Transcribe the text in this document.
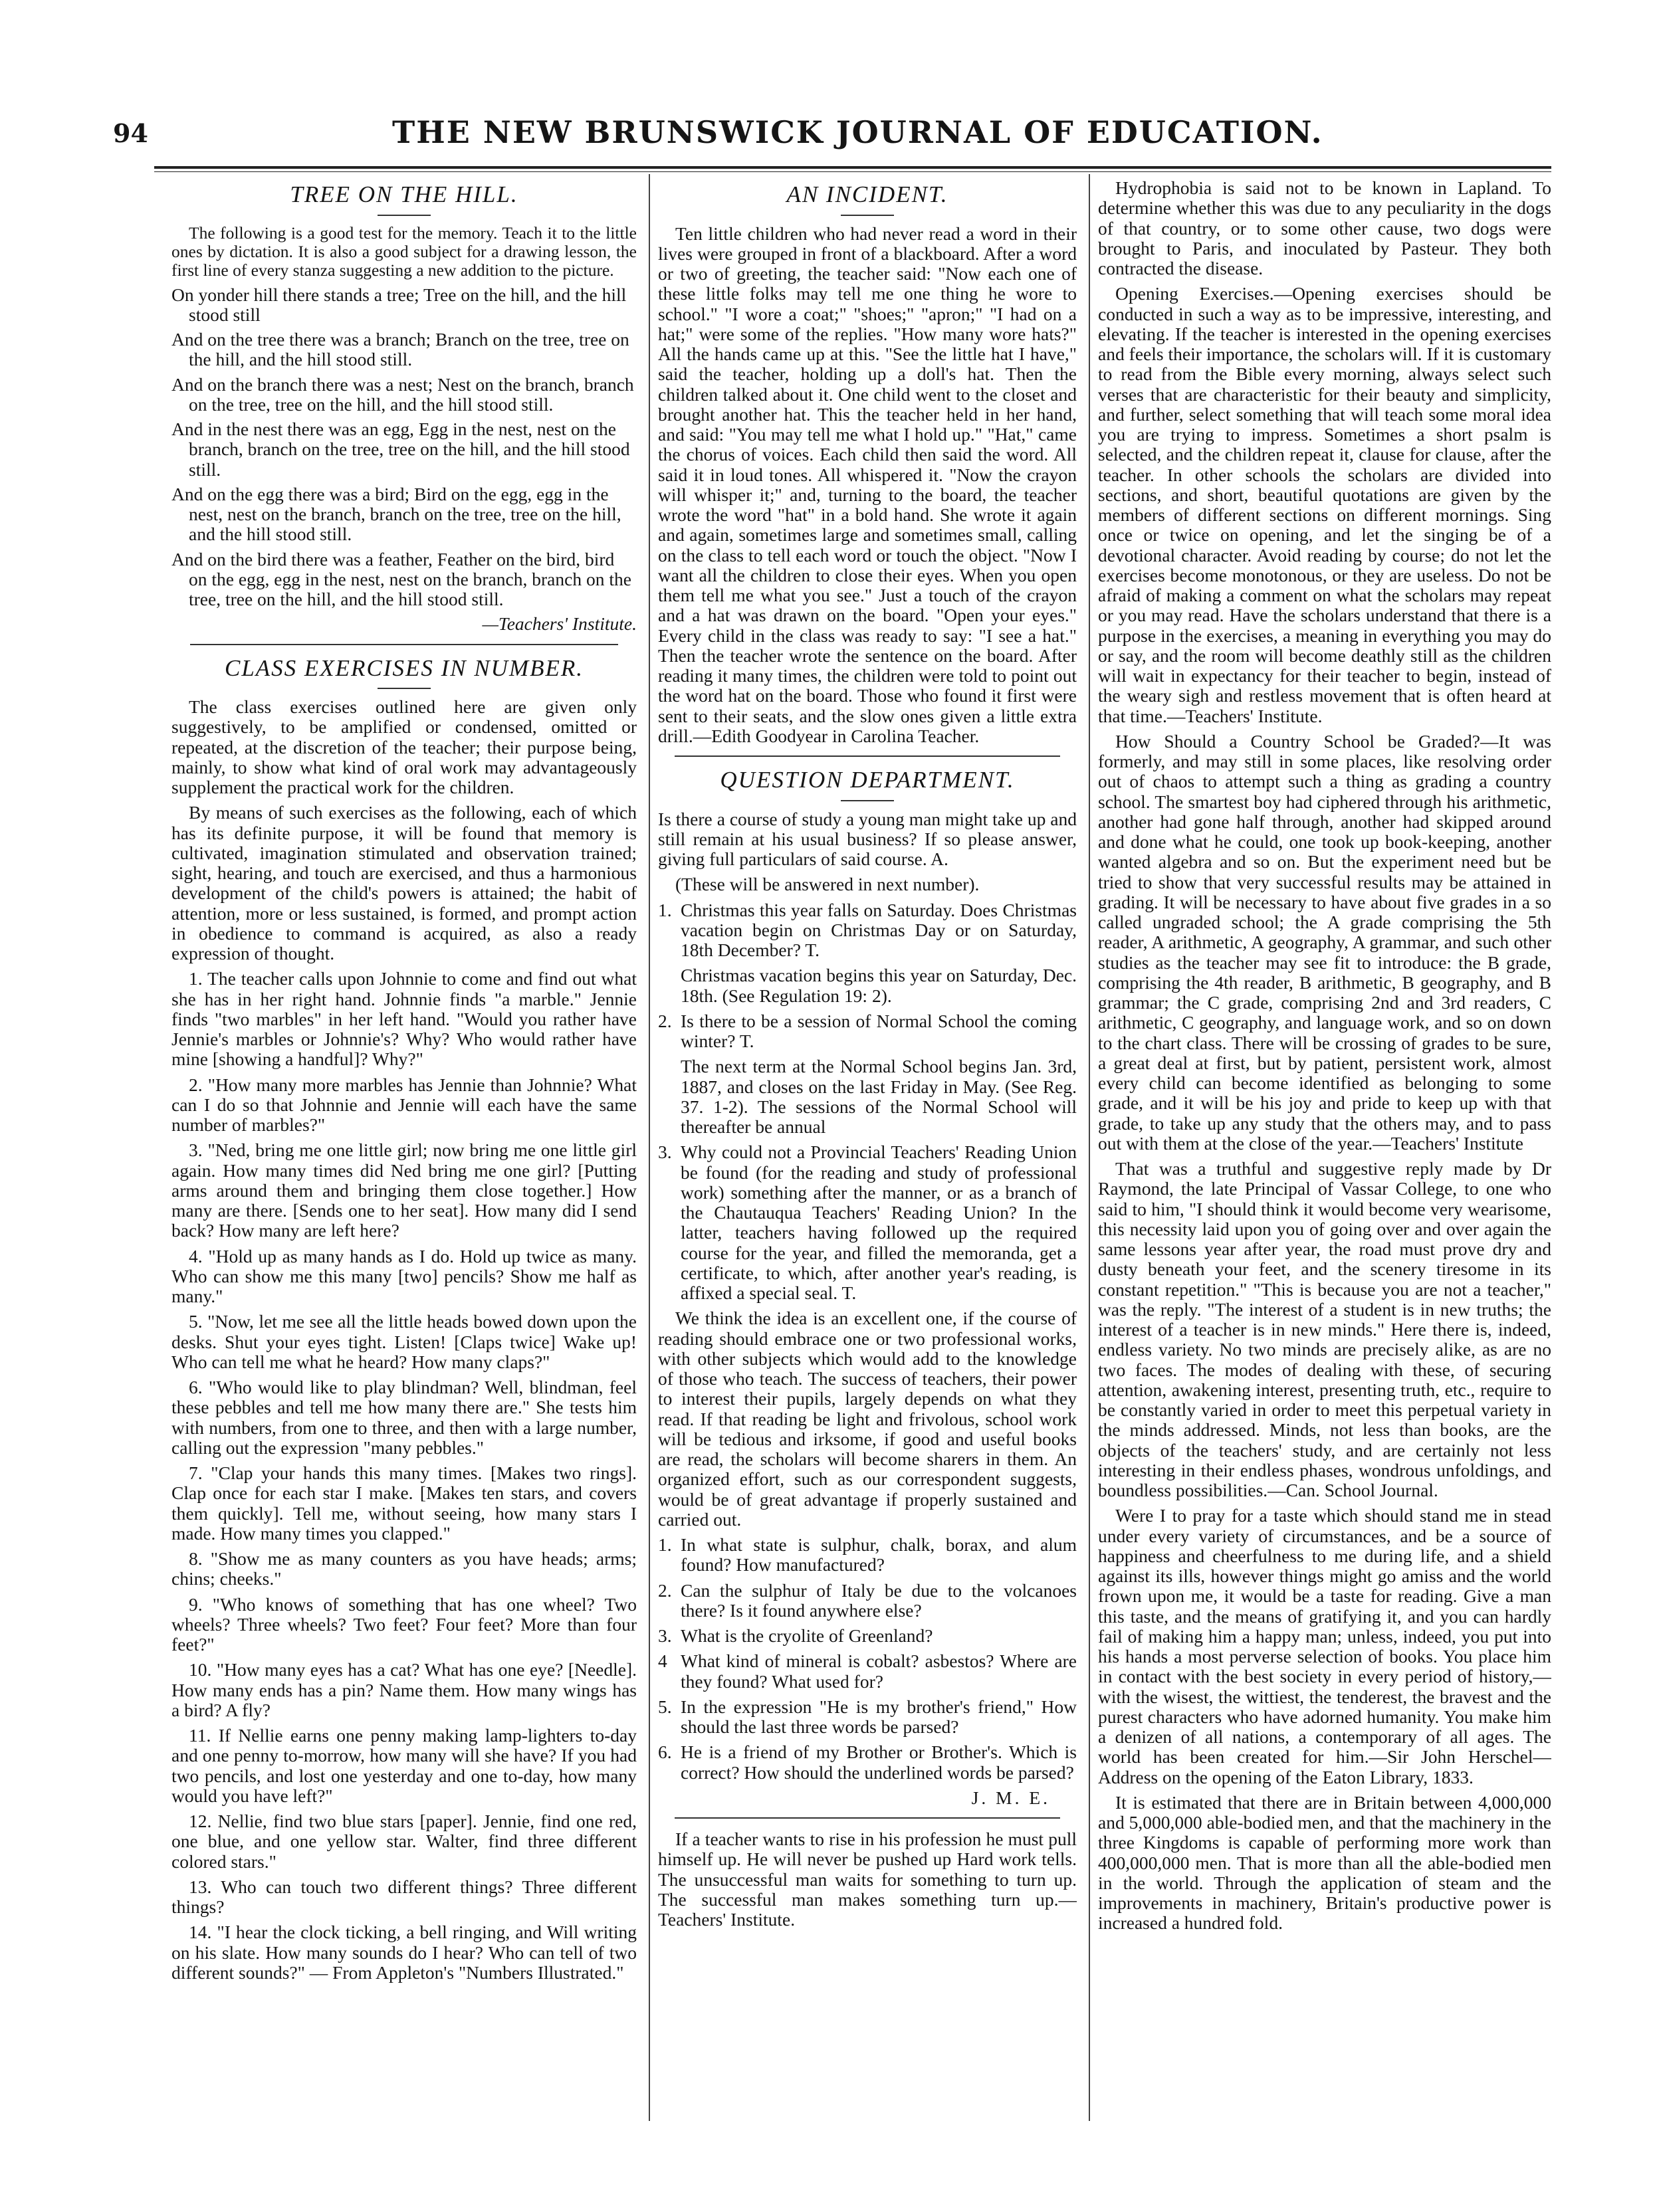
94	THE NEW BRUNSWICK JOURNAL OF EDUCATION.
TREE ON THE HILL.

The following is a good test for the memory. Teach it to the little ones by dictation. It is also a good subject for a drawing lesson, the first line of every stanza suggesting a new addition to the picture.

On yonder hill there stands a tree; Tree on the hill, and the hill stood still
And on the tree there was a branch; Branch on the tree, tree on the hill, and the hill stood still.
And on the branch there was a nest; Nest on the branch, branch on the tree, tree on the hill, and the hill stood still.
And in the nest there was an egg, Egg in the nest, nest on the branch, branch on the tree, tree on the hill, and the hill stood still.
And on the egg there was a bird; Bird on the egg, egg in the nest, nest on the branch, branch on the tree, tree on the hill, and the hill stood still.
And on the bird there was a feather, Feather on the bird, bird on the egg, egg in the nest, nest on the branch, branch on the tree, tree on the hill, and the hill stood still.
—Teachers' Institute.
CLASS EXERCISES IN NUMBER.

The class exercises outlined here are given only suggestively, to be amplified or condensed, omitted or repeated, at the discretion of the teacher; their purpose being, mainly, to show what kind of oral work may advantageously supplement the practical work for the children.

By means of such exercises as the following, each of which has its definite purpose, it will be found that memory is cultivated, imagination stimulated and observation trained; sight, hearing, and touch are exercised, and thus a harmonious development of the child's powers is attained; the habit of attention, more or less sustained, is formed, and prompt action in obedience to command is acquired, as also a ready expression of thought.

1. The teacher calls upon Johnnie to come and find out what she has in her right hand. Johnnie finds "a marble." Jennie finds "two marbles" in her left hand. "Would you rather have Jennie's marbles or Johnnie's? Why? Who would rather have mine [showing a handful]? Why?"

2. "How many more marbles has Jennie than Johnnie? What can I do so that Johnnie and Jennie will each have the same number of marbles?"

3. "Ned, bring me one little girl; now bring me one little girl again. How many times did Ned bring me one girl? [Putting arms around them and bringing them close together.] How many are there. [Sends one to her seat]. How many did I send back? How many are left here?

4. "Hold up as many hands as I do. Hold up twice as many. Who can show me this many [two] pencils? Show me half as many."

5. "Now, let me see all the little heads bowed down upon the desks. Shut your eyes tight. Listen! [Claps twice] Wake up! Who can tell me what he heard? How many claps?"

6. "Who would like to play blindman? Well, blindman, feel these pebbles and tell me how many there are." She tests him with numbers, from one to three, and then with a large number, calling out the expression "many pebbles."

7. "Clap your hands this many times. [Makes two rings]. Clap once for each star I make. [Makes ten stars, and covers them quickly]. Tell me, without seeing, how many stars I made. How many times you clapped."

8. "Show me as many counters as you have heads; arms; chins; cheeks."

9. "Who knows of something that has one wheel? Two wheels? Three wheels? Two feet? Four feet? More than four feet?"

10. "How many eyes has a cat? What has one eye? [Needle]. How many ends has a pin? Name them. How many wings has a bird? A fly?

11. If Nellie earns one penny making lamp-lighters to-day and one penny to-morrow, how many will she have? If you had two pencils, and lost one yesterday and one to-day, how many would you have left?"

12. Nellie, find two blue stars [paper]. Jennie, find one red, one blue, and one yellow star. Walter, find three different colored stars."

13. Who can touch two different things? Three different things?

14. "I hear the clock ticking, a bell ringing, and Will writing on his slate. How many sounds do I hear? Who can tell of two different sounds?" — From Appleton's "Numbers Illustrated."

AN INCIDENT.

Ten little children who had never read a word in their lives were grouped in front of a blackboard. After a word or two of greeting, the teacher said: "Now each one of these little folks may tell me one thing he wore to school." "I wore a coat;" "shoes;" "apron;" "I had on a hat;" were some of the replies. "How many wore hats?" All the hands came up at this. "See the little hat I have," said the teacher, holding up a doll's hat. Then the children talked about it. One child went to the closet and brought another hat. This the teacher held in her hand, and said: "You may tell me what I hold up." "Hat," came the chorus of voices. Each child then said the word. All said it in loud tones. All whispered it. "Now the crayon will whisper it;" and, turning to the board, the teacher wrote the word "hat" in a bold hand. She wrote it again and again, sometimes large and sometimes small, calling on the class to tell each word or touch the object. "Now I want all the children to close their eyes. When you open them tell me what you see." Just a touch of the crayon and a hat was drawn on the board. "Open your eyes." Every child in the class was ready to say: "I see a hat." Then the teacher wrote the sentence on the board. After reading it many times, the children were told to point out the word hat on the board. Those who found it first were sent to their seats, and the slow ones given a little extra drill.—Edith Goodyear in Carolina Teacher.

QUESTION DEPARTMENT.

Is there a course of study a young man might take up and still remain at his usual business? If so please answer, giving full particulars of said course. A.

(These will be answered in next number).

1. Christmas this year falls on Saturday. Does Christmas vacation begin on Christmas Day or on Saturday, 18th December? T.

Christmas vacation begins this year on Saturday, Dec. 18th. (See Regulation 19: 2).

2. Is there to be a session of Normal School the coming winter? T.

The next term at the Normal School begins Jan. 3rd, 1887, and closes on the last Friday in May. (See Reg. 37. 1-2). The sessions of the Normal School will thereafter be annual

3. Why could not a Provincial Teachers' Reading Union be found (for the reading and study of professional work) something after the manner, or as a branch of the Chautauqua Teachers' Reading Union? In the latter, teachers having followed up the required course for the year, and filled the memoranda, get a certificate, to which, after another year's reading, is affixed a special seal. T.

We think the idea is an excellent one, if the course of reading should embrace one or two professional works, with other subjects which would add to the knowledge of those who teach. The success of teachers, their power to interest their pupils, largely depends on what they read. If that reading be light and frivolous, school work will be tedious and irksome, if good and useful books are read, the scholars will become sharers in them. An organized effort, such as our correspondent suggests, would be of great advantage if properly sustained and carried out.

1. In what state is sulphur, chalk, borax, and alum found? How manufactured?

2. Can the sulphur of Italy be due to the volcanoes there? Is it found anywhere else?

3. What is the cryolite of Greenland?

4 What kind of mineral is cobalt? asbestos? Where are they found? What used for?

5. In the expression "He is my brother's friend," How should the last three words be parsed?

6. He is a friend of my Brother or Brother's. Which is correct? How should the underlined words be parsed?

J. M. E.

If a teacher wants to rise in his profession he must pull himself up. He will never be pushed up Hard work tells. The unsuccessful man waits for something to turn up. The successful man makes something turn up.—Teachers' Institute.

Hydrophobia is said not to be known in Lapland. To determine whether this was due to any peculiarity in the dogs of that country, or to some other cause, two dogs were brought to Paris, and inoculated by Pasteur. They both contracted the disease.

Opening Exercises.—Opening exercises should be conducted in such a way as to be impressive, interesting, and elevating. If the teacher is interested in the opening exercises and feels their importance, the scholars will. If it is customary to read from the Bible every morning, always select such verses that are characteristic for their beauty and simplicity, and further, select something that will teach some moral idea you are trying to impress. Sometimes a short psalm is selected, and the children repeat it, clause for clause, after the teacher. In other schools the scholars are divided into sections, and short, beautiful quotations are given by the members of different sections on different mornings. Sing once or twice on opening, and let the singing be of a devotional character. Avoid reading by course; do not let the exercises become monotonous, or they are useless. Do not be afraid of making a comment on what the scholars may repeat or you may read. Have the scholars understand that there is a purpose in the exercises, a meaning in everything you may do or say, and the room will become deathly still as the children will wait in expectancy for their teacher to begin, instead of the weary sigh and restless movement that is often heard at that time.—Teachers' Institute.

How Should a Country School be Graded?—It was formerly, and may still in some places, like resolving order out of chaos to attempt such a thing as grading a country school. The smartest boy had ciphered through his arithmetic, another had gone half through, another had skipped around and done what he could, one took up book-keeping, another wanted algebra and so on. But the experiment need but be tried to show that very successful results may be attained in grading. It will be necessary to have about five grades in a so called ungraded school; the A grade comprising the 5th reader, A arithmetic, A geography, A grammar, and such other studies as the teacher may see fit to introduce: the B grade, comprising the 4th reader, B arithmetic, B geography, and B grammar; the C grade, comprising 2nd and 3rd readers, C arithmetic, C geography, and language work, and so on down to the chart class. There will be crossing of grades to be sure, a great deal at first, but by patient, persistent work, almost every child can become identified as belonging to some grade, and it will be his joy and pride to keep up with that grade, to take up any study that the others may, and to pass out with them at the close of the year.—Teachers' Institute

That was a truthful and suggestive reply made by Dr Raymond, the late Principal of Vassar College, to one who said to him, "I should think it would become very wearisome, this necessity laid upon you of going over and over again the same lessons year after year, the road must prove dry and dusty beneath your feet, and the scenery tiresome in its constant repetition." "This is because you are not a teacher," was the reply. "The interest of a student is in new truths; the interest of a teacher is in new minds." Here there is, indeed, endless variety. No two minds are precisely alike, as are no two faces. The modes of dealing with these, of securing attention, awakening interest, presenting truth, etc., require to be constantly varied in order to meet this perpetual variety in the minds addressed. Minds, not less than books, are the objects of the teachers' study, and are certainly not less interesting in their endless phases, wondrous unfoldings, and boundless possibilities.—Can. School Journal.

Were I to pray for a taste which should stand me in stead under every variety of circumstances, and be a source of happiness and cheerfulness to me during life, and a shield against its ills, however things might go amiss and the world frown upon me, it would be a taste for reading. Give a man this taste, and the means of gratifying it, and you can hardly fail of making him a happy man; unless, indeed, you put into his hands a most perverse selection of books. You place him in contact with the best society in every period of history,—with the wisest, the wittiest, the tenderest, the bravest and the purest characters who have adorned humanity. You make him a denizen of all nations, a contemporary of all ages. The world has been created for him.—Sir John Herschel—Address on the opening of the Eaton Library, 1833.

It is estimated that there are in Britain between 4,000,000 and 5,000,000 able-bodied men, and that the machinery in the three Kingdoms is capable of performing more work than 400,000,000 men. That is more than all the able-bodied men in the world. Through the application of steam and the improvements in machinery, Britain's productive power is increased a hundred fold.
